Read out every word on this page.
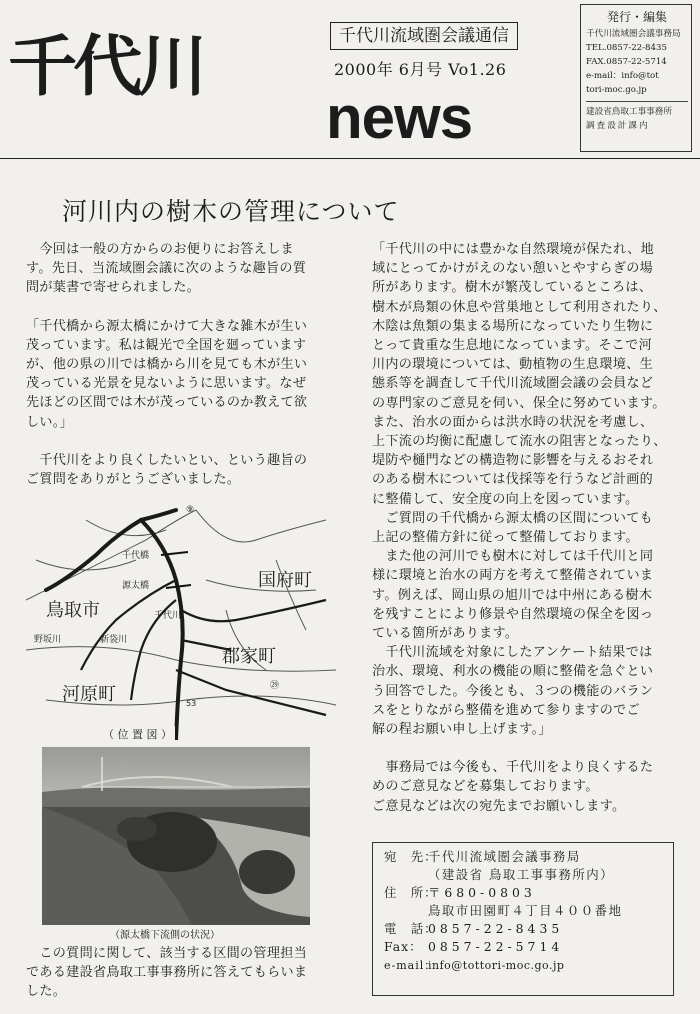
千代川	千代川流域圏会議通信
2000年 6月号 Vo1.26
news
発行・編集
千代川流域圏会議事務局
TEL.0857-22-8435
FAX.0857-22-5714
e-mail：info@tot
tori-moc.go.jp
建設省鳥取工事事務所
調査設計課内
河川内の樹木の管理について

　今回は一般の方からのお便りにお答えしま

す。先日、当流域圏会議に次のような趣旨の質

問が葉書で寄せられました。

「千代橋から源太橋にかけて大きな雑木が生い

茂っています。私は観光で全国を廻っています

が、他の県の川では橋から川を見ても木が生い

茂っている光景を見ないように思います。なぜ

先ほどの区間では木が茂っているのか教えて欲

しい。」

　千代川をより良くしたいとい、という趣旨の

ご質問をありがとうございました。

千代橋
源太橋	国府町
鳥取市
郡家町
河原町
野坂川	新袋川
千代川
⑨
㉙
53
（ 位 置 図 ）
（源太橋下流側の状況）

　この質問に関して、該当する区間の管理担当

である建設省鳥取工事事務所に答えてもらいま

した。

「千代川の中には豊かな自然環境が保たれ、地

域にとってかけがえのない憩いとやすらぎの場

所があります。樹木が繁茂しているところは、

樹木が鳥類の休息や営巣地として利用されたり、

木陰は魚類の集まる場所になっていたり生物に

とって貴重な生息地になっています。そこで河

川内の環境については、動植物の生息環境、生

態系等を調査して千代川流域圏会議の会員など

の専門家のご意見を伺い、保全に努めています。

また、治水の面からは洪水時の状況を考慮し、

上下流の均衡に配慮して流水の阻害となったり、

堤防や樋門などの構造物に影響を与えるおそれ

のある樹木については伐採等を行うなど計画的

に整備して、安全度の向上を図っています。

　ご質問の千代橋から源太橋の区間についても

上記の整備方針に従って整備しております。

　また他の河川でも樹木に対しては千代川と同

様に環境と治水の両方を考えて整備されていま

す。例えば、岡山県の旭川では中州にある樹木

を残すことにより修景や自然環境の保全を図っ

ている箇所があります。

　千代川流域を対象にしたアンケート結果では

治水、環境、利水の機能の順に整備を急ぐとい

う回答でした。今後とも、３つの機能のバラン

スをとりながら整備を進めて参りますのでご

解の程お願い申し上げます。」

　事務局では今後も、千代川をより良くするた

めのご意見などを募集しております。

ご意見などは次の宛先までお願いします。

宛　先：千代川流域圏会議事務局
（建設省 鳥取工事事務所内）
住　所：〒680-0803
鳥取市田園町４丁目４００番地
電　話：0857-22-8435
Fax： 0857-22-5714
e-mail：info@tottori-moc.go.jp
